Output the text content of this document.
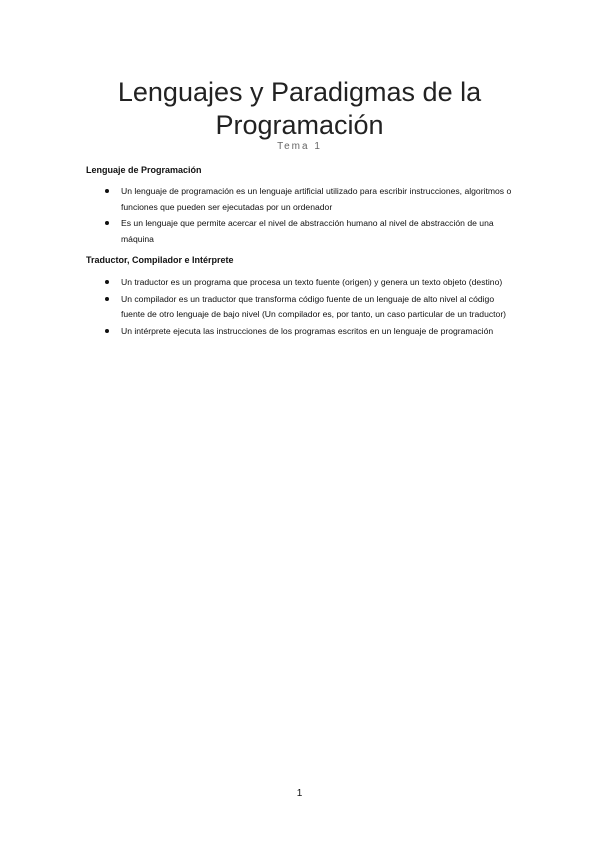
Lenguajes y Paradigmas de la Programación

Tema 1

Lenguaje de Programación

Un lenguaje de programación es un lenguaje artificial utilizado para escribir instrucciones, algoritmos o funciones que pueden ser ejecutadas por un ordenador
Es un lenguaje que permite acercar el nivel de abstracción humano al nivel de abstracción de una máquina

Traductor, Compilador e Intérprete

Un traductor es un programa que procesa un texto fuente (origen) y genera un texto objeto (destino)
Un compilador es un traductor que transforma código fuente de un lenguaje de alto nivel al código fuente de otro lenguaje de bajo nivel (Un compilador es, por tanto, un caso particular de un traductor)
Un intérprete ejecuta las instrucciones de los programas escritos en un lenguaje de programación

1
